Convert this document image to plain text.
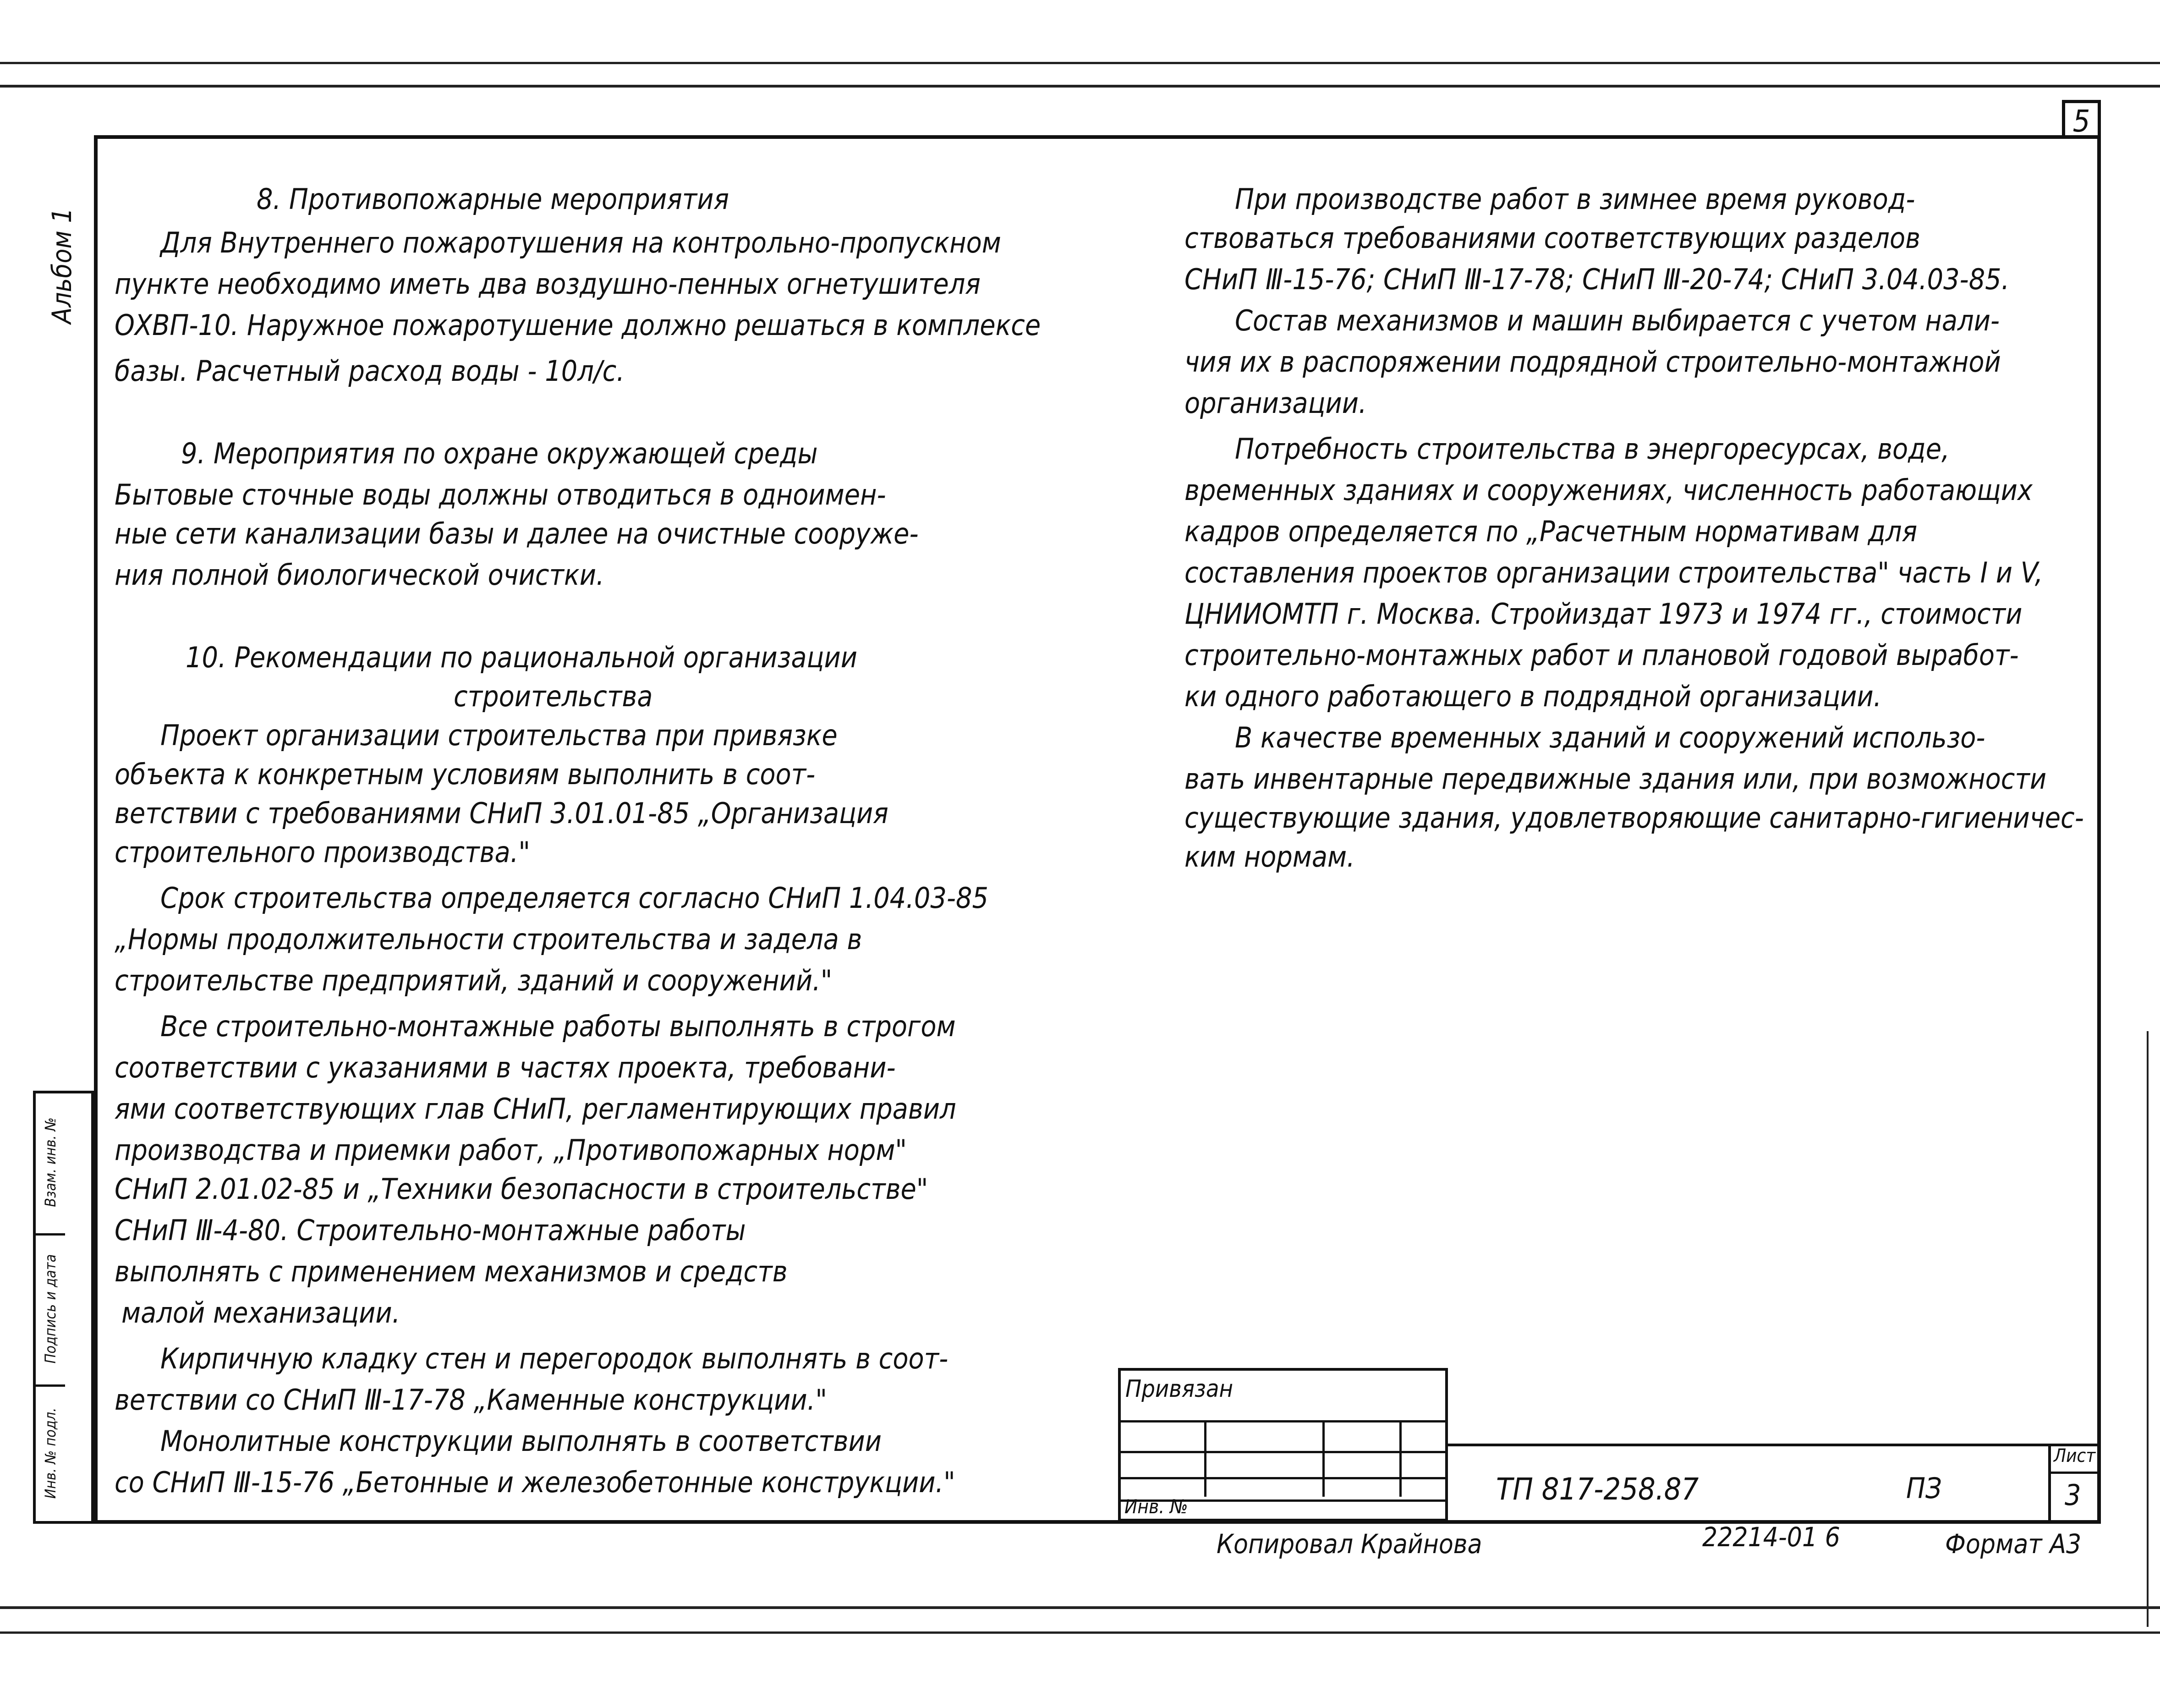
5
Альбом 1
Взам. инв. №
Подпись и дата
Инв. № подл.
8. Противопожарные мероприятия
Для Внутреннего пожаротушения на контрольно-пропускном
пункте необходимо иметь два воздушно-пенных огнетушителя
ОХВП-10. Наружное пожаротушение должно решаться в комплексе
базы. Расчетный расход воды - 10л/с.
9. Мероприятия по охране окружающей среды
Бытовые сточные воды должны отводиться в одноимен-
ные сети канализации базы и далее на очистные сооруже-
ния полной биологической очистки.
10. Рекомендации по рациональной организации
строительства
Проект организации строительства при привязке
объекта к конкретным условиям выполнить в соот-
ветствии с требованиями СНиП 3.01.01-85 „Организация
строительного производства."
Срок строительства определяется согласно СНиП 1.04.03-85
„Нормы продолжительности строительства и задела в
строительстве предприятий, зданий и сооружений."
Все строительно-монтажные работы выполнять в строгом
соответствии с указаниями в частях проекта, требовани-
ями соответствующих глав СНиП, регламентирующих правил
производства и приемки работ, „Противопожарных норм"
СНиП 2.01.02-85 и „Техники безопасности в строительстве"
СНиП Ⅲ-4-80. Строительно-монтажные работы
выполнять с применением механизмов и средств
малой механизации.
Кирпичную кладку стен и перегородок выполнять в соот-
ветствии со СНиП Ⅲ-17-78 „Каменные конструкции."
Монолитные конструкции выполнять в соответствии
со СНиП Ⅲ-15-76 „Бетонные и железобетонные конструкции."
При производстве работ в зимнее время руковод-
ствоваться требованиями соответствующих разделов
СНиП Ⅲ-15-76; СНиП Ⅲ-17-78; СНиП Ⅲ-20-74; СНиП 3.04.03-85.
Состав механизмов и машин выбирается с учетом нали-
чия их в распоряжении подрядной строительно-монтажной
организации.
Потребность строительства в энергоресурсах, воде,
временных зданиях и сооружениях, численность работающих
кадров определяется по „Расчетным нормативам для
составления проектов организации строительства" часть I и V,
ЦНИИОМТП г. Москва. Стройиздат 1973 и 1974 гг., стоимости
строительно-монтажных работ и плановой годовой выработ-
ки одного работающего в подрядной организации.
В качестве временных зданий и сооружений использо-
вать инвентарные передвижные здания или, при возможности
существующие здания, удовлетворяющие санитарно-гигиеничес-
ким нормам.
Привязан
Инв. №	ТП 817-258.87	ПЗ
Лист
3
Копировал Крайнова	22214-01 6	Формат А3
